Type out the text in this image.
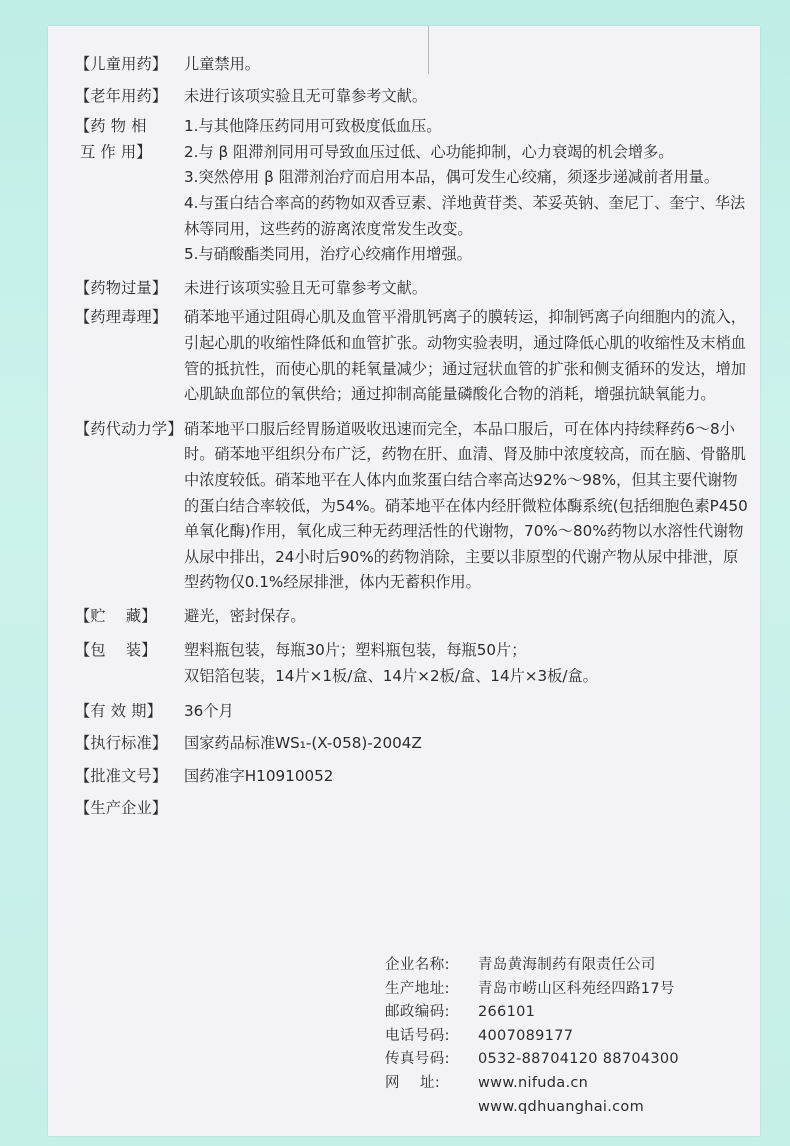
【儿童用药】	儿童禁用。

【老年用药】	未进行该项实验且无可靠参考文献。

【药 物 相
互 作 用】

1.与其他降压药同用可致极度低血压。

2.与 β 阻滞剂同用可导致血压过低、心功能抑制，心力衰竭的机会增多。

3.突然停用 β 阻滞剂治疗而启用本品，偶可发生心绞痛，须逐步递减前者用量。

4.与蛋白结合率高的药物如双香豆素、洋地黄苷类、苯妥英钠、奎尼丁、奎宁、华法林等同用，这些药的游离浓度常发生改变。

5.与硝酸酯类同用，治疗心绞痛作用增强。

【药物过量】	未进行该项实验且无可靠参考文献。

【药理毒理】	硝苯地平通过阻碍心肌及血管平滑肌钙离子的膜转运，抑制钙离子向细胞内的流入，引起心肌的收缩性降低和血管扩张。动物实验表明，通过降低心肌的收缩性及末梢血管的抵抗性，而使心肌的耗氧量减少；通过冠状血管的扩张和侧支循环的发达，增加心肌缺血部位的氧供给；通过抑制高能量磷酸化合物的消耗，增强抗缺氧能力。

【药代动力学】 硝苯地平口服后经胃肠道吸收迅速而完全，本品口服后，可在体内持续释药6～8小时。硝苯地平组织分布广泛，药物在肝、血清、肾及肺中浓度较高，而在脑、骨骼肌中浓度较低。硝苯地平在人体内血浆蛋白结合率高达92%～98%，但其主要代谢物的蛋白结合率较低，为54%。硝苯地平在体内经肝微粒体酶系统(包括细胞色素P450单氧化酶)作用，氧化成三种无药理活性的代谢物，70%～80%药物以水溶性代谢物从尿中排出，24小时后90%的药物消除，主要以非原型的代谢产物从尿中排泄，原型药物仅0.1%经尿排泄，体内无蓄积作用。

【贮    藏】	避光，密封保存。

【包    装】	塑料瓶包装，每瓶30片；塑料瓶包装，每瓶50片；

双铝箔包装，14片×1板/盒、14片×2板/盒、14片×3板/盒。

【有 效 期】	36个月

【执行标准】	国家药品标准WS₁-(X-058)-2004Z

【批准文号】	国药准字H10910052

【生产企业】
企业名称:	青岛黄海制药有限责任公司
生产地址:	青岛市崂山区科苑经四路17号
邮政编码:	266101
电话号码:	4007089177
传真号码:	0532-88704120 88704300
网    址:	www.nifuda.cn
www.qdhuanghai.com
